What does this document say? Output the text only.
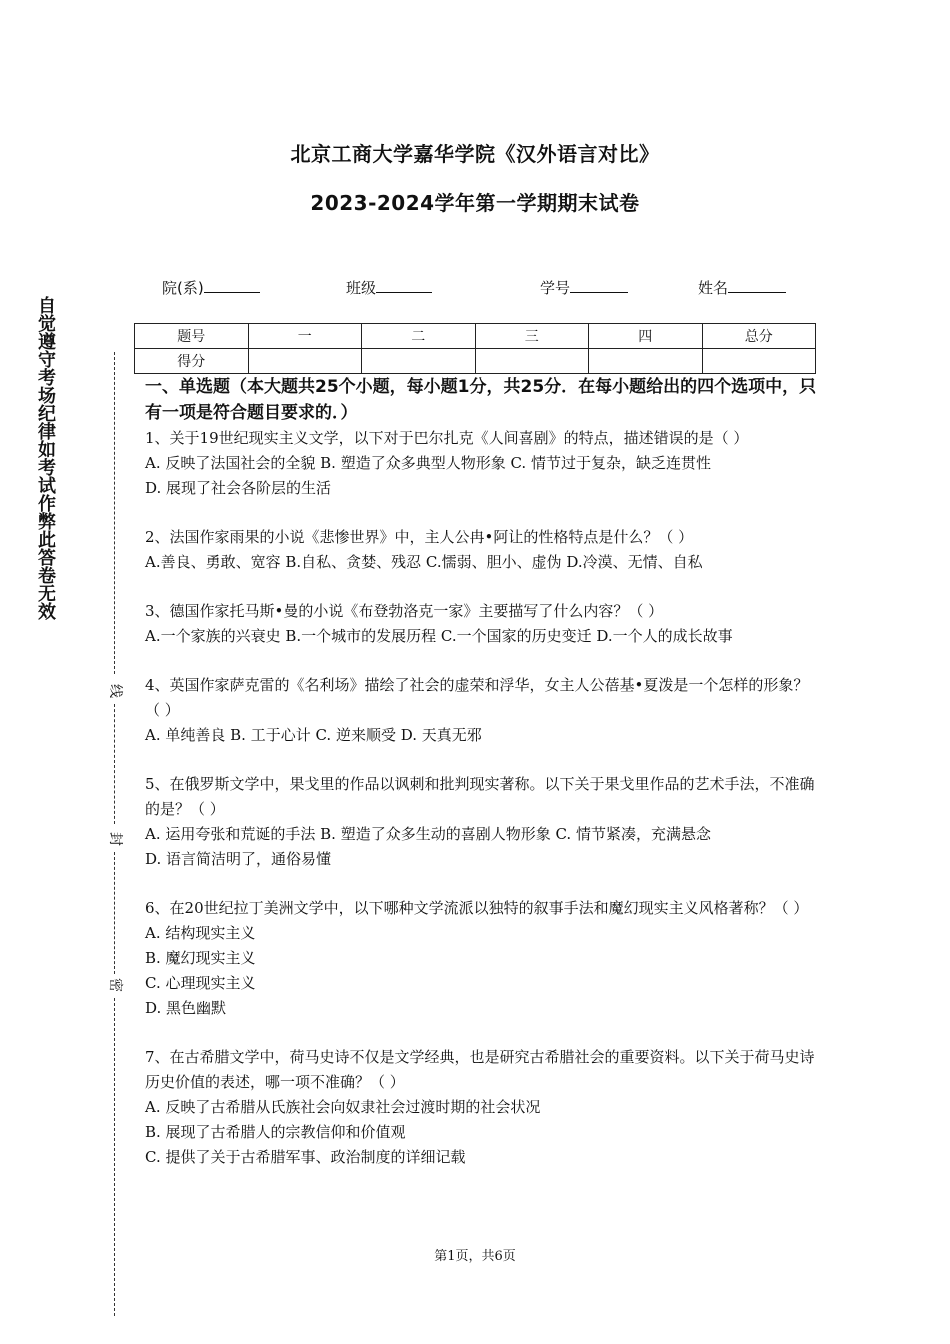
北京工商大学嘉华学院《汉外语言对比》
2023-2024学年第一学期期末试卷
院(系)	班级	学号	姓名
题号	一	二	三	四	总分
得分					
自觉遵守考场纪律如考试作弊此答卷无效
线
封
密
一、单选题（本大题共25个小题，每小题1分，共25分．在每小题给出的四个选项中，只有一项是符合题目要求的．）

1、关于19世纪现实主义文学，以下对于巴尔扎克《人间喜剧》的特点，描述错误的是（ ）

A. 反映了法国社会的全貌 B. 塑造了众多典型人物形象 C. 情节过于复杂，缺乏连贯性

D. 展现了社会各阶层的生活

2、法国作家雨果的小说《悲惨世界》中，主人公冉•阿让的性格特点是什么？（ ）

A.善良、勇敢、宽容 B.自私、贪婪、残忍 C.懦弱、胆小、虚伪 D.冷漠、无情、自私

3、德国作家托马斯•曼的小说《布登勃洛克一家》主要描写了什么内容？（ ）

A.一个家族的兴衰史 B.一个城市的发展历程 C.一个国家的历史变迁 D.一个人的成长故事

4、英国作家萨克雷的《名利场》描绘了社会的虚荣和浮华，女主人公蓓基•夏泼是一个怎样的形象？（ ）

A. 单纯善良 B. 工于心计 C. 逆来顺受 D. 天真无邪

5、在俄罗斯文学中，果戈里的作品以讽刺和批判现实著称。以下关于果戈里作品的艺术手法，不准确的是？（ ）

A. 运用夸张和荒诞的手法 B. 塑造了众多生动的喜剧人物形象 C. 情节紧凑，充满悬念

D. 语言简洁明了，通俗易懂

6、在20世纪拉丁美洲文学中，以下哪种文学流派以独特的叙事手法和魔幻现实主义风格著称？（ ）

A. 结构现实主义

B. 魔幻现实主义

C. 心理现实主义

D. 黑色幽默

7、在古希腊文学中，荷马史诗不仅是文学经典，也是研究古希腊社会的重要资料。以下关于荷马史诗历史价值的表述，哪一项不准确？（ ）

A. 反映了古希腊从氏族社会向奴隶社会过渡时期的社会状况

B. 展现了古希腊人的宗教信仰和价值观

C. 提供了关于古希腊军事、政治制度的详细记载

第1页，共6页
